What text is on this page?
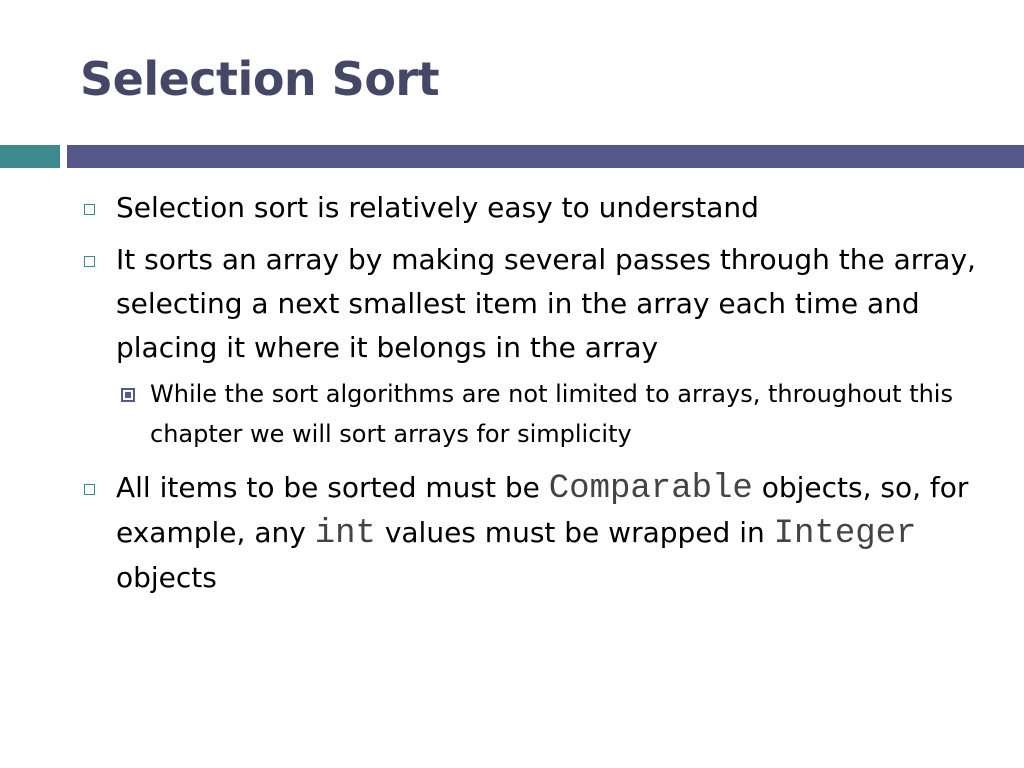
Selection Sort
Selection sort is relatively easy to understand
It sorts an array by making several passes through the array, selecting a next smallest item in the array each time and placing it where it belongs in the array
While the sort algorithms are not limited to arrays, throughout this chapter we will sort arrays for simplicity
All items to be sorted must be Comparable objects, so, for example, any int values must be wrapped in Integer objects
